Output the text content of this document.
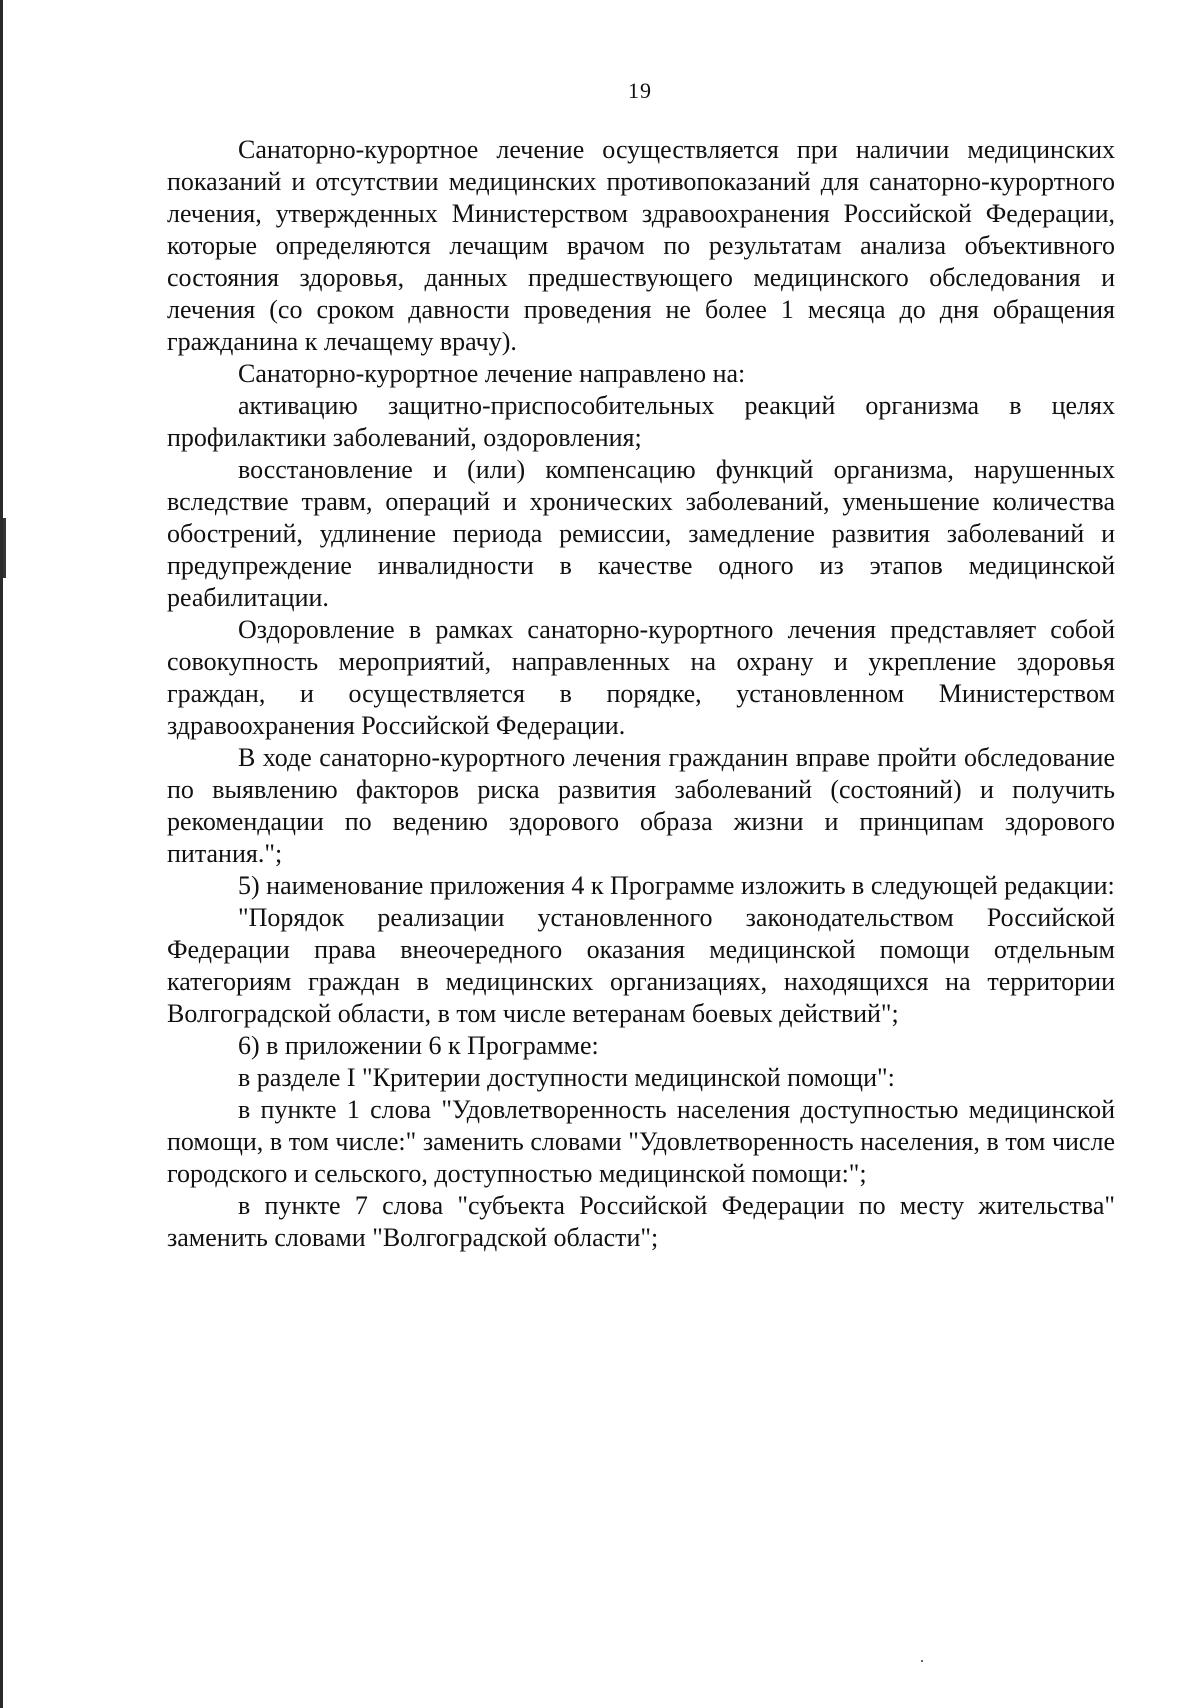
19

Санаторно-курортное лечение осуществляется при наличии медицинских показаний и отсутствии медицинских противопоказаний для санаторно-курортного лечения, утвержденных Министерством здравоохранения Российской Федерации, которые определяются лечащим врачом по результатам анализа объективного состояния здоровья, данных предшествующего медицинского обследования и лечения (со сроком давности проведения не более 1 месяца до дня обращения гражданина к лечащему врачу).

Санаторно-курортное лечение направлено на:

активацию защитно-приспособительных реакций организма в целях профилактики заболеваний, оздоровления;

восстановление и (или) компенсацию функций организма, нарушенных вследствие травм, операций и хронических заболеваний, уменьшение количества обострений, удлинение периода ремиссии, замедление развития заболеваний и предупреждение инвалидности в качестве одного из этапов медицинской реабилитации.

Оздоровление в рамках санаторно-курортного лечения представляет собой совокупность мероприятий, направленных на охрану и укрепление здоровья граждан, и осуществляется в порядке, установленном Министерством здравоохранения Российской Федерации.

В ходе санаторно-курортного лечения гражданин вправе пройти обследование по выявлению факторов риска развития заболеваний (состояний) и получить рекомендации по ведению здорового образа жизни и принципам здорового питания.";

5) наименование приложения 4 к Программе изложить в следующей редакции:

"Порядок реализации установленного законодательством Российской Федерации права внеочередного оказания медицинской помощи отдельным категориям граждан в медицинских организациях, находящихся на территории Волгоградской области, в том числе ветеранам боевых действий";

6) в приложении 6 к Программе:

в разделе I "Критерии доступности медицинской помощи":

в пункте 1 слова "Удовлетворенность населения доступностью медицинской помощи, в том числе:" заменить словами "Удовлетворенность населения, в том числе городского и сельского, доступностью медицинской помощи:";

в пункте 7 слова "субъекта Российской Федерации по месту жительства" заменить словами "Волгоградской области";
